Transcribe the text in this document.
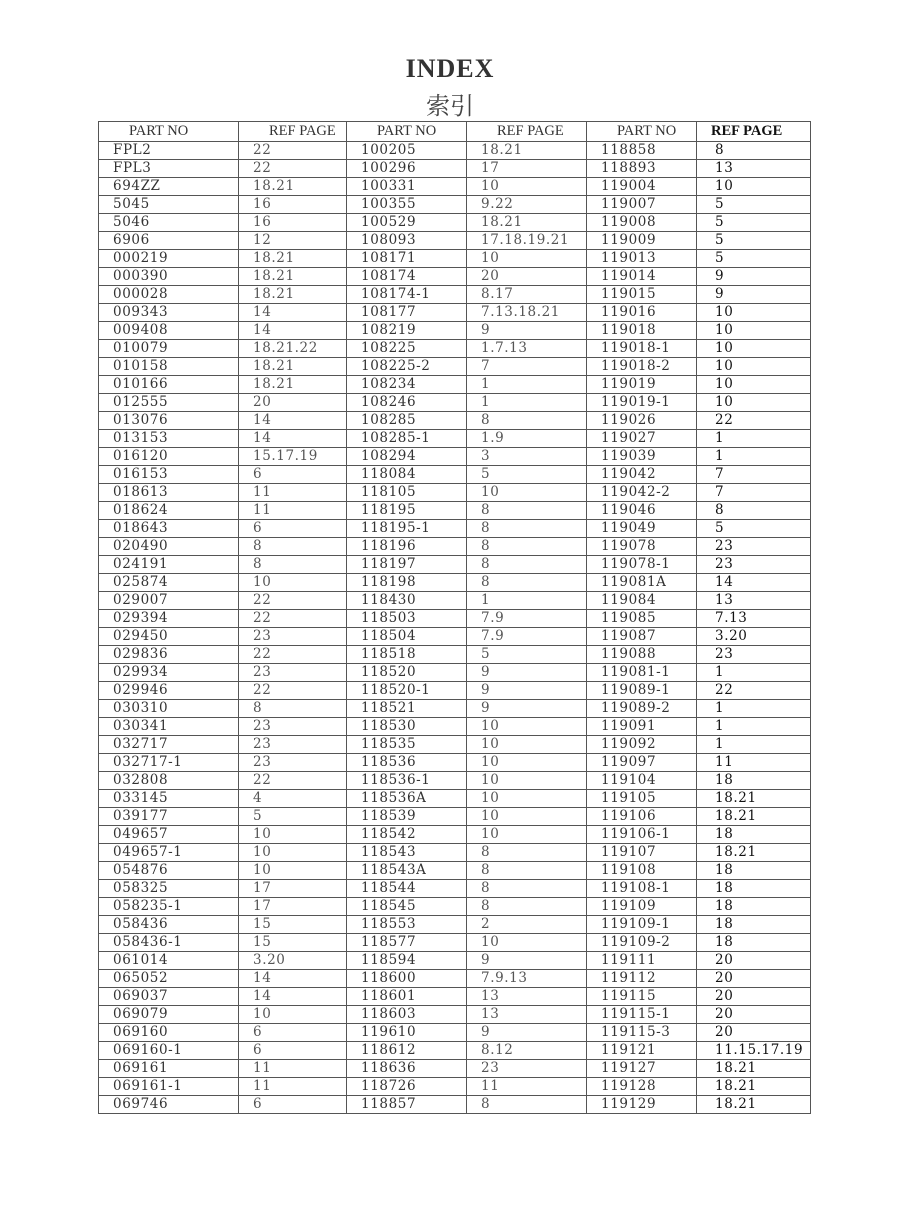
INDEX
索引
PART NO	REF PAGE	PART NO	REF PAGE	PART NO	REF PAGE
FPL2	22	100205	18.21	118858	8
FPL3	22	100296	17	118893	13
694ZZ	18.21	100331	10	119004	10
5045	16	100355	9.22	119007	5
5046	16	100529	18.21	119008	5
6906	12	108093	17.18.19.21	119009	5
000219	18.21	108171	10	119013	5
000390	18.21	108174	20	119014	9
000028	18.21	108174-1	8.17	119015	9
009343	14	108177	7.13.18.21	119016	10
009408	14	108219	9	119018	10
010079	18.21.22	108225	1.7.13	119018-1	10
010158	18.21	108225-2	7	119018-2	10
010166	18.21	108234	1	119019	10
012555	20	108246	1	119019-1	10
013076	14	108285	8	119026	22
013153	14	108285-1	1.9	119027	1
016120	15.17.19	108294	3	119039	1
016153	6	118084	5	119042	7
018613	11	118105	10	119042-2	7
018624	11	118195	8	119046	8
018643	6	118195-1	8	119049	5
020490	8	118196	8	119078	23
024191	8	118197	8	119078-1	23
025874	10	118198	8	119081A	14
029007	22	118430	1	119084	13
029394	22	118503	7.9	119085	7.13
029450	23	118504	7.9	119087	3.20
029836	22	118518	5	119088	23
029934	23	118520	9	119081-1	1
029946	22	118520-1	9	119089-1	22
030310	8	118521	9	119089-2	1
030341	23	118530	10	119091	1
032717	23	118535	10	119092	1
032717-1	23	118536	10	119097	11
032808	22	118536-1	10	119104	18
033145	4	118536A	10	119105	18.21
039177	5	118539	10	119106	18.21
049657	10	118542	10	119106-1	18
049657-1	10	118543	8	119107	18.21
054876	10	118543A	8	119108	18
058325	17	118544	8	119108-1	18
058235-1	17	118545	8	119109	18
058436	15	118553	2	119109-1	18
058436-1	15	118577	10	119109-2	18
061014	3.20	118594	9	119111	20
065052	14	118600	7.9.13	119112	20
069037	14	118601	13	119115	20
069079	10	118603	13	119115-1	20
069160	6	119610	9	119115-3	20
069160-1	6	118612	8.12	119121	11.15.17.19
069161	11	118636	23	119127	18.21
069161-1	11	118726	11	119128	18.21
069746	6	118857	8	119129	18.21
